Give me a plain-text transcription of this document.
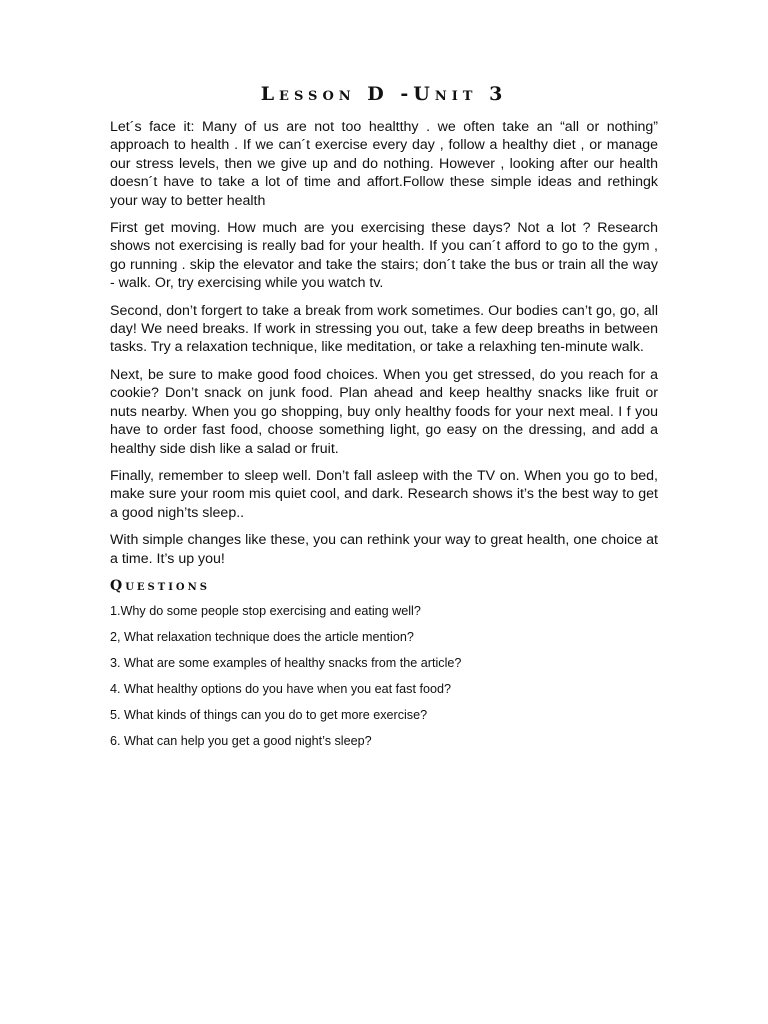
Lesson D -Unit 3

Let´s face it: Many of us are not too healtthy . we often take an “all or nothing” approach to health . If we can´t exercise every day , follow a healthy diet , or manage our stress levels, then we give up and do nothing. However , looking after our health doesn´t have to take a lot of time and affort.Follow these simple ideas and rethingk your way to better health

First get moving. How much are you exercising these days? Not a lot ? Research shows not exercising is really bad for your health. If you can´t afford to go to the gym , go running . skip the elevator and take the stairs; don´t take the bus or train all the way - walk. Or, try exercising while you watch tv.

Second, don’t forgert to take a break from work sometimes. Our bodies can’t go, go, all day! We need breaks. If work in stressing you out, take a few deep breaths in between tasks. Try a relaxation technique, like meditation, or take a relaxhing ten-minute walk.

Next, be sure to make good food choices. When you get stressed, do you reach for a cookie? Don’t snack on junk food. Plan ahead and keep healthy snacks like fruit or nuts nearby. When you go shopping, buy only healthy foods for your next meal. I f you have to order fast food, choose something light, go easy on the dressing, and add a healthy side dish like a salad or fruit.

Finally, remember to sleep well. Don’t fall asleep with the TV on. When you go to bed, make sure your room mis quiet cool, and dark. Research shows it’s the best way to get a good nigh’ts sleep..

With simple changes like these, you can rethink your way to great health, one choice at a time. It’s up you!

Questions
1.Why do some people stop exercising and eating well?
2, What relaxation technique does the article mention?
3. What are some examples of healthy snacks from the article?
4. What healthy options do you have when you eat fast food?
5. What kinds of things can you do to get more exercise?
6. What can help you get a good night’s sleep?
